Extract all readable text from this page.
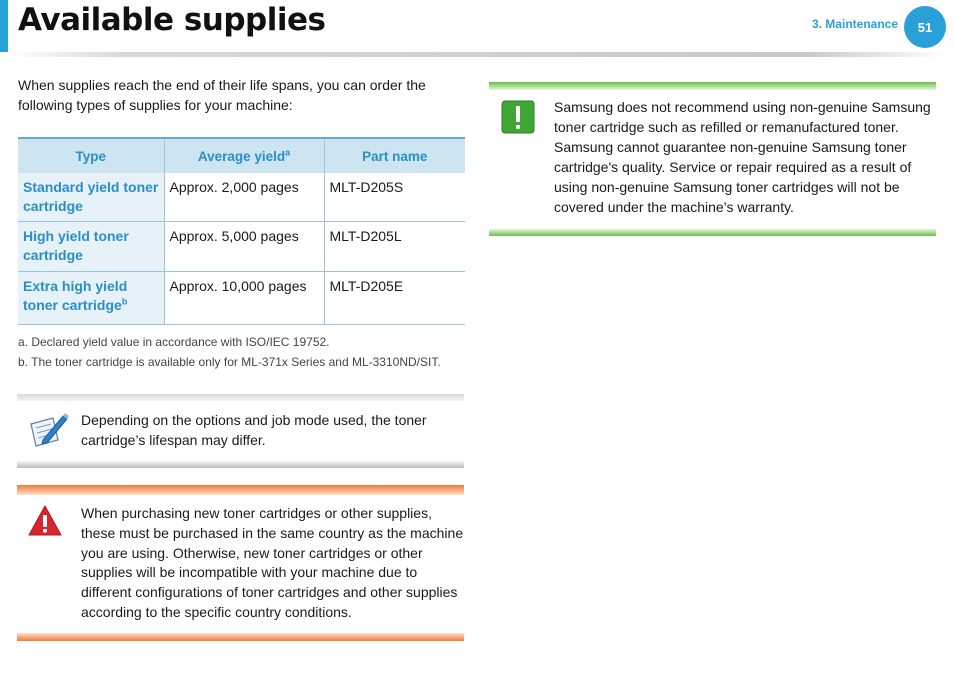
Available supplies	3. Maintenance 51

When supplies reach the end of their life spans, you can order the following types of supplies for your machine:

Type	Average yield$^a$	Part name
Standard yield toner cartridge	Approx. 2,000 pages	MLT-D205S
High yield toner cartridge	Approx. 5,000 pages	MLT-D205L
Extra high yield toner cartridge$^b$	Approx. 10,000 pages	MLT-D205E
a. Declared yield value in accordance with ISO/IEC 19752.
b. The toner cartridge is available only for ML-371x Series and ML-3310ND/SIT.

Depending on the options and job mode used, the toner cartridge’s lifespan may differ.

When purchasing new toner cartridges or other supplies, these must be purchased in the same country as the machine you are using. Otherwise, new toner cartridges or other supplies will be incompatible with your machine due to different configurations of toner cartridges and other supplies according to the specific country conditions.

Samsung does not recommend using non-genuine Samsung toner cartridge such as refilled or remanufactured toner. Samsung cannot guarantee non-genuine Samsung toner cartridge's quality. Service or repair required as a result of using non-genuine Samsung toner cartridges will not be covered under the machine’s warranty.
